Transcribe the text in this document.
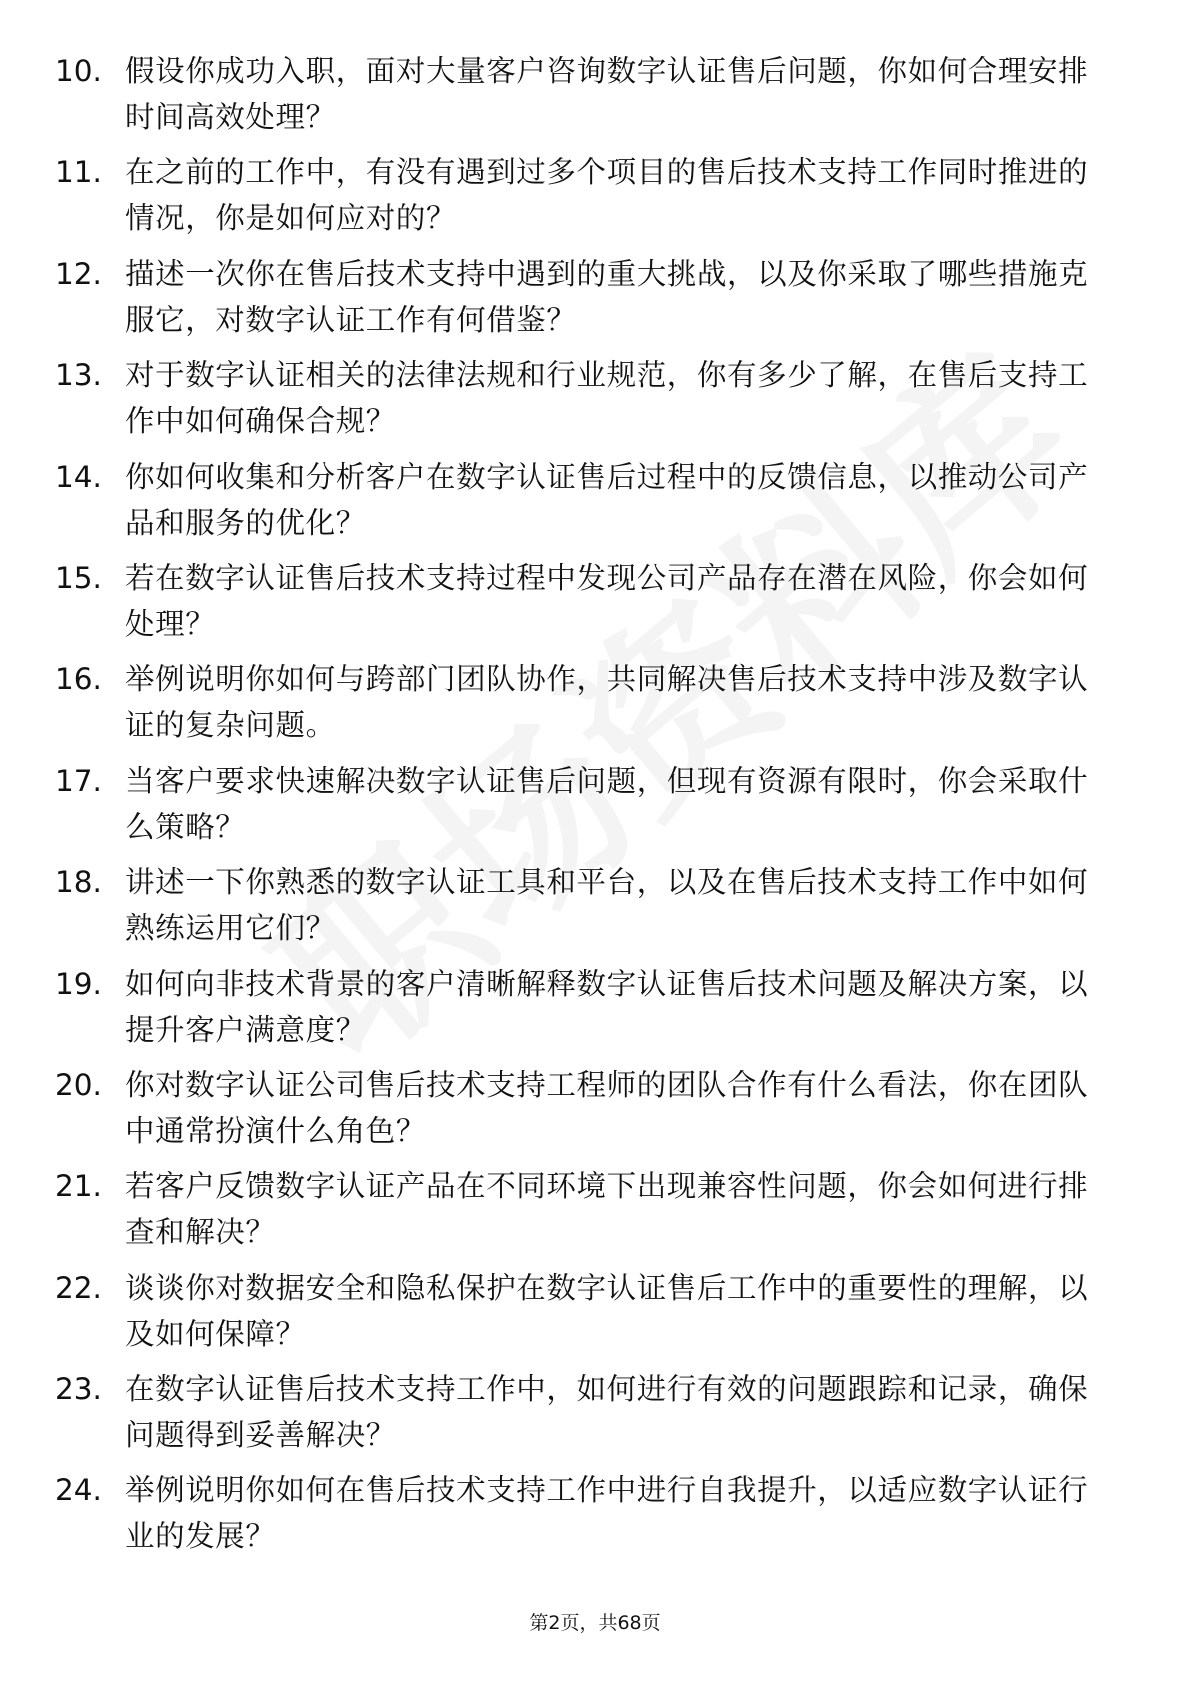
10. 假设你成功入职，面对大量客户咨询数字认证售后问题，你如何合理安排时间高效处理？
11. 在之前的工作中，有没有遇到过多个项目的售后技术支持工作同时推进的情况，你是如何应对的？
12. 描述一次你在售后技术支持中遇到的重大挑战，以及你采取了哪些措施克服它，对数字认证工作有何借鉴？
13. 对于数字认证相关的法律法规和行业规范，你有多少了解，在售后支持工作中如何确保合规？
14. 你如何收集和分析客户在数字认证售后过程中的反馈信息，以推动公司产品和服务的优化？
15. 若在数字认证售后技术支持过程中发现公司产品存在潜在风险，你会如何处理？
16. 举例说明你如何与跨部门团队协作，共同解决售后技术支持中涉及数字认证的复杂问题。
17. 当客户要求快速解决数字认证售后问题，但现有资源有限时，你会采取什么策略？
18. 讲述一下你熟悉的数字认证工具和平台，以及在售后技术支持工作中如何熟练运用它们？
19. 如何向非技术背景的客户清晰解释数字认证售后技术问题及解决方案，以提升客户满意度？
20. 你对数字认证公司售后技术支持工程师的团队合作有什么看法，你在团队中通常扮演什么角色？
21. 若客户反馈数字认证产品在不同环境下出现兼容性问题，你会如何进行排查和解决？
22. 谈谈你对数据安全和隐私保护在数字认证售后工作中的重要性的理解，以及如何保障？
23. 在数字认证售后技术支持工作中，如何进行有效的问题跟踪和记录，确保问题得到妥善解决？
24. 举例说明你如何在售后技术支持工作中进行自我提升，以适应数字认证行业的发展？
第2页，共68页
